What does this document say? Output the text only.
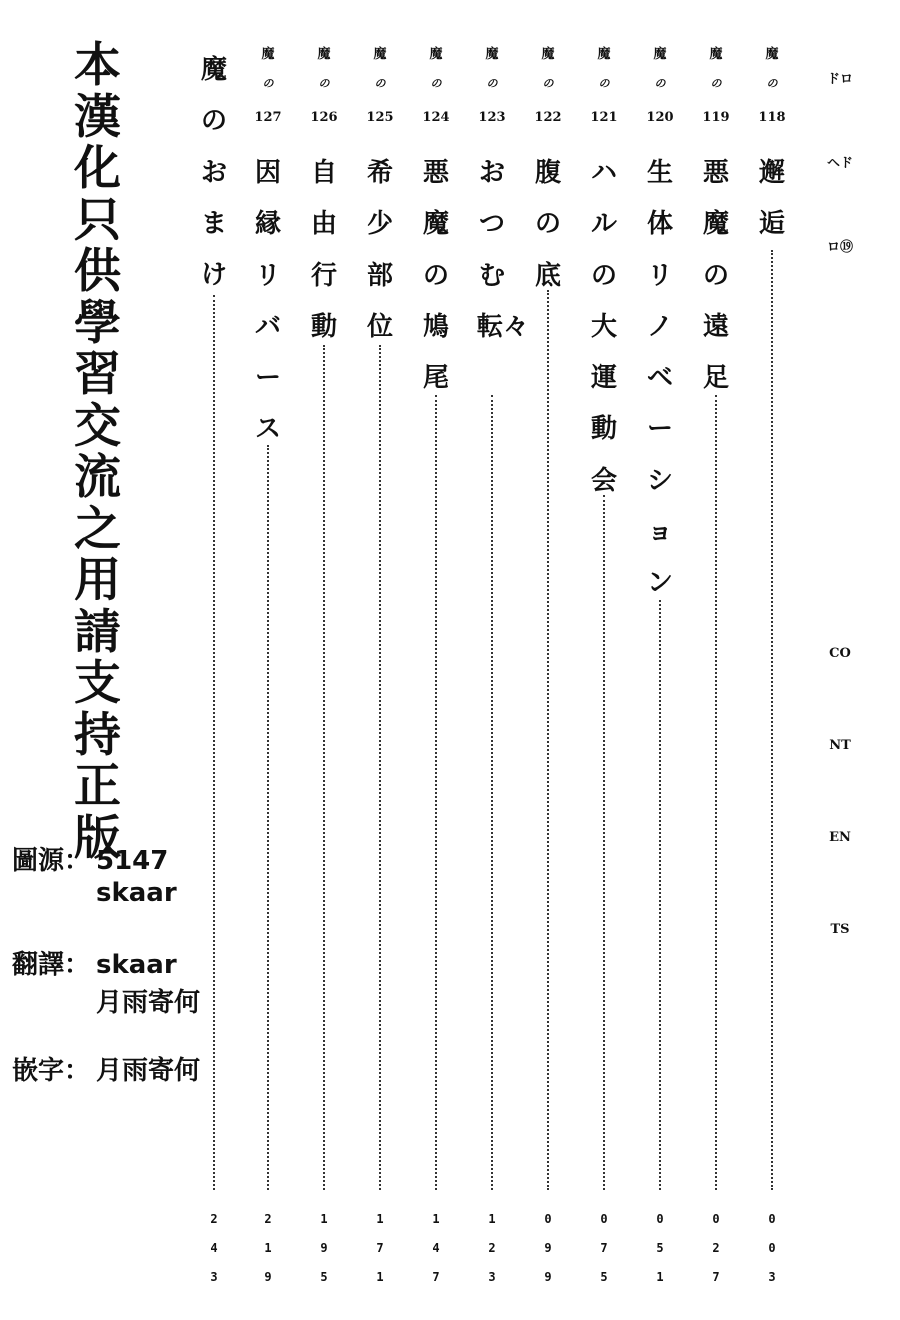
本漢化只供學習交流之用 請支持正版
圖源： 5147
skaar
翻譯： skaar
月雨寄何
嵌字： 月雨寄何
魔
の
118
邂逅
003
魔
の
119
悪魔の遠足
027
魔
の
120
生体リノベーション
051
魔
の
121
ハルの大運動会
075
魔
の
122
腹の底
099
魔
の
123
おつむ転々
123
魔
の
124
悪魔の鳩尾
147
魔
の
125
希少部位
171
魔
の
126
自由行動
195
魔
の
127
因縁リバース
219
魔のおまけ
243
ドロヘドロ⑲
CONTENTS
